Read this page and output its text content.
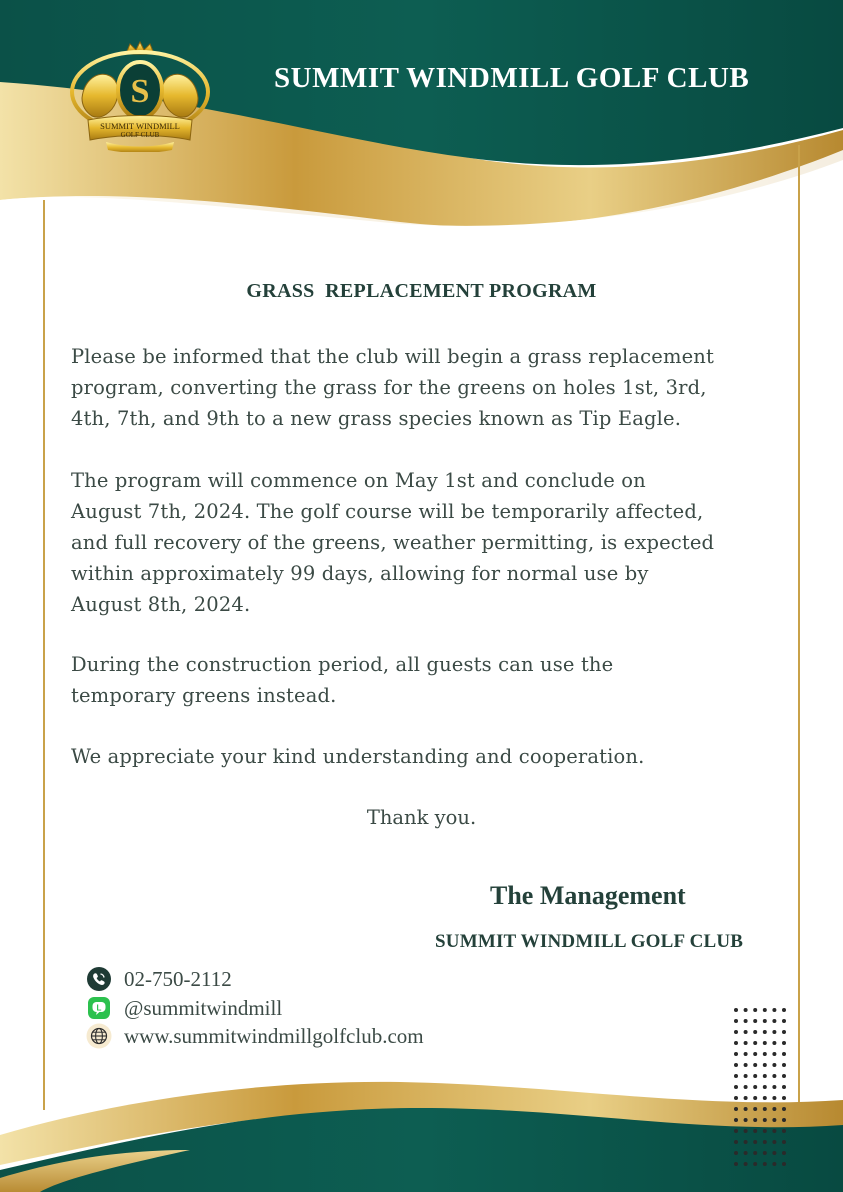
S
SUMMIT WINDMILL
GOLF CLUB
SUMMIT WINDMILL GOLF CLUB
GRASS  REPLACEMENT PROGRAM

Please be informed that the club will begin a grass replacement
program, converting the grass for the greens on holes 1st, 3rd,
4th, 7th, and 9th to a new grass species known as Tip Eagle.

The program will commence on May 1st and conclude on
August 7th, 2024. The golf course will be temporarily affected,
and full recovery of the greens, weather permitting, is expected
within approximately 99 days, allowing for normal use by
August 8th, 2024.

During the construction period, all guests can use the
temporary greens instead.

We appreciate your kind understanding and cooperation.

Thank you.
The Management
SUMMIT WINDMILL GOLF CLUB
02-750-2112
L @summitwindmill
www.summitwindmillgolfclub.com
